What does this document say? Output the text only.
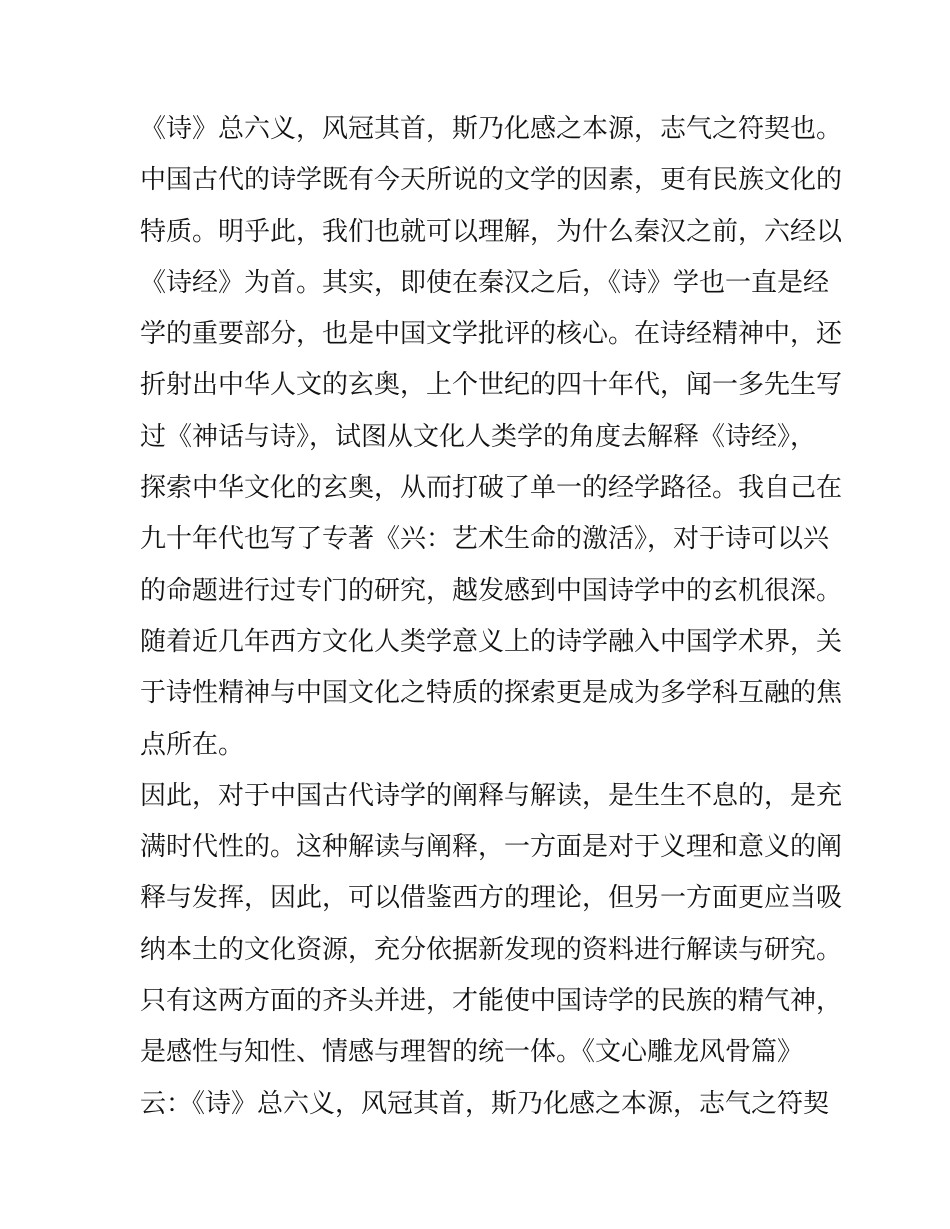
《诗》总六义，风冠其首，斯乃化感之本源，志气之符契也。
中国古代的诗学既有今天所说的文学的因素，更有民族文化的
特质。明乎此，我们也就可以理解，为什么秦汉之前，六经以
《诗经》为首。其实，即使在秦汉之后，《诗》学也一直是经
学的重要部分，也是中国文学批评的核心。在诗经精神中，还
折射出中华人文的玄奥，上个世纪的四十年代，闻一多先生写
过《神话与诗》，试图从文化人类学的角度去解释《诗经》，
探索中华文化的玄奥，从而打破了单一的经学路径。我自己在
九十年代也写了专著《兴：艺术生命的激活》，对于诗可以兴
的命题进行过专门的研究，越发感到中国诗学中的玄机很深。
随着近几年西方文化人类学意义上的诗学融入中国学术界，关
于诗性精神与中国文化之特质的探索更是成为多学科互融的焦
点所在。
因此，对于中国古代诗学的阐释与解读，是生生不息的，是充
满时代性的。这种解读与阐释，一方面是对于义理和意义的阐
释与发挥，因此，可以借鉴西方的理论，但另一方面更应当吸
纳本土的文化资源，充分依据新发现的资料进行解读与研究。
只有这两方面的齐头并进，才能使中国诗学的民族的精气神，
是感性与知性、情感与理智的统一体。《文心雕龙风骨篇》
云：《诗》总六义，风冠其首，斯乃化感之本源，志气之符契
